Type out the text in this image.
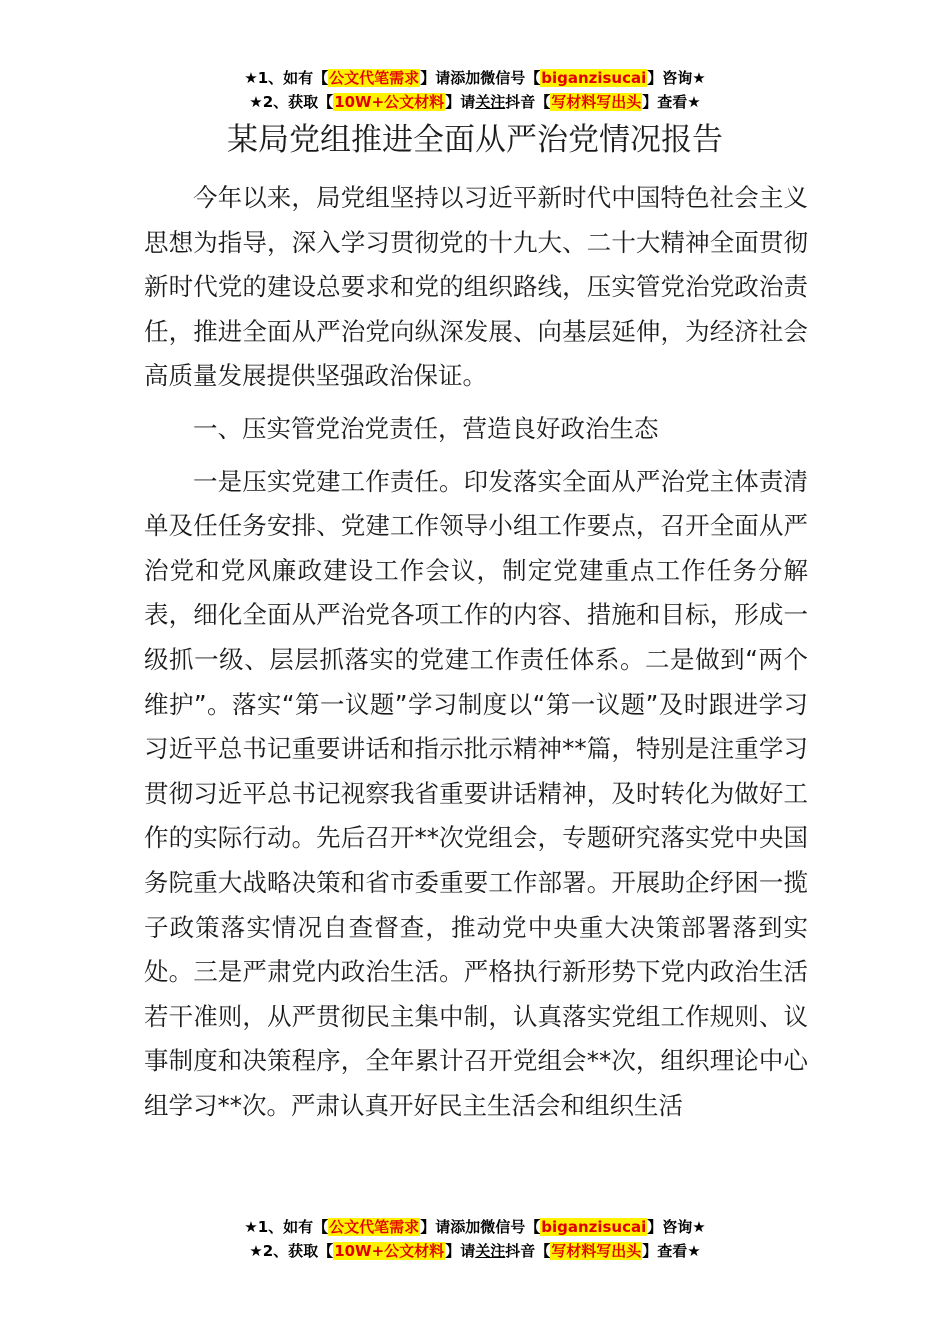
★1、如有【公文代笔需求】请添加微信号【biganzisucai】咨询★
★2、获取【10W+公文材料】请关注抖音【写材料写出头】查看★
某局党组推进全面从严治党情况报告

今年以来，局党组坚持以习近平新时代中国特色社会主义思想为指导，深入学习贯彻党的十九大、二十大精神全面贯彻新时代党的建设总要求和党的组织路线，压实管党治党政治责任，推进全面从严治党向纵深发展、向基层延伸，为经济社会高质量发展提供坚强政治保证。

一、压实管党治党责任，营造良好政治生态

一是压实党建工作责任。印发落实全面从严治党主体责清单及任任务安排、党建工作领导小组工作要点，召开全面从严治党和党风廉政建设工作会议，制定党建重点工作任务分解表，细化全面从严治党各项工作的内容、措施和目标，形成一级抓一级、层层抓落实的党建工作责任体系。二是做到“两个维护”。落实“第一议题”学习制度以“第一议题”及时跟进学习习近平总书记重要讲话和指示批示精神**篇，特别是注重学习贯彻习近平总书记视察我省重要讲话精神，及时转化为做好工作的实际行动。先后召开**次党组会，专题研究落实党中央国务院重大战略决策和省市委重要工作部署。开展助企纾困一揽子政策落实情况自查督查，推动党中央重大决策部署落到实处。三是严肃党内政治生活。严格执行新形势下党内政治生活若干准则，从严贯彻民主集中制，认真落实党组工作规则、议事制度和决策程序，全年累计召开党组会**次，组织理论中心组学习**次。严肃认真开好民主生活会和组织生活

★1、如有【公文代笔需求】请添加微信号【biganzisucai】咨询★
★2、获取【10W+公文材料】请关注抖音【写材料写出头】查看★
